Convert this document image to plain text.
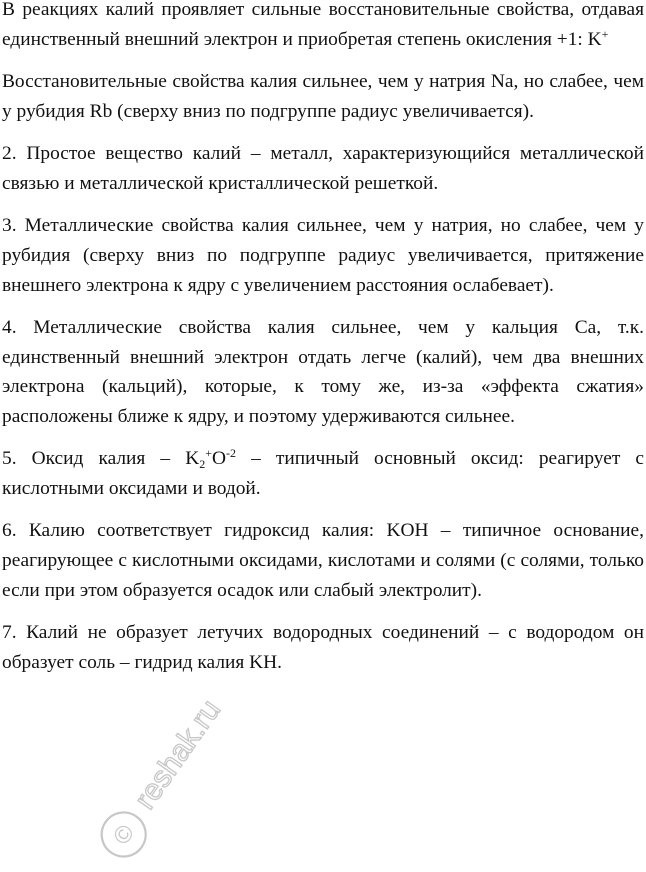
В реакциях калий проявляет сильные восстановительные свойства, отдавая единственный внешний электрон и приобретая степень окисления +1: K+

Восстановительные свойства калия сильнее, чем у натрия Na, но слабее, чем у рубидия Rb (сверху вниз по подгруппе радиус увеличивается).

2. Простое вещество калий – металл, характеризующийся металлической связью и металлической кристаллической решеткой.

3. Металлические свойства калия сильнее, чем у натрия, но слабее, чем у рубидия (сверху вниз по подгруппе радиус увеличивается, притяжение внешнего электрона к ядру с увеличением расстояния ослабевает).

4. Металлические свойства калия сильнее, чем у кальция Ca, т.к. единственный внешний электрон отдать легче (калий), чем два внешних электрона (кальций), которые, к тому же, из-за «эффекта сжатия» расположены ближе к ядру, и поэтому удерживаются сильнее.

5. Оксид калия – $K_2^+O^{-2}$ – типичный основный оксид: реагирует с кислотными оксидами и водой.

6. Калию соответствует гидроксид калия: KOH – типичное основание, реагирующее с кислотными оксидами, кислотами и солями (с солями, только если при этом образуется осадок или слабый электролит).

7. Калий не образует летучих водородных соединений – с водородом он образует соль – гидрид калия KH.

©
reshak.ru
